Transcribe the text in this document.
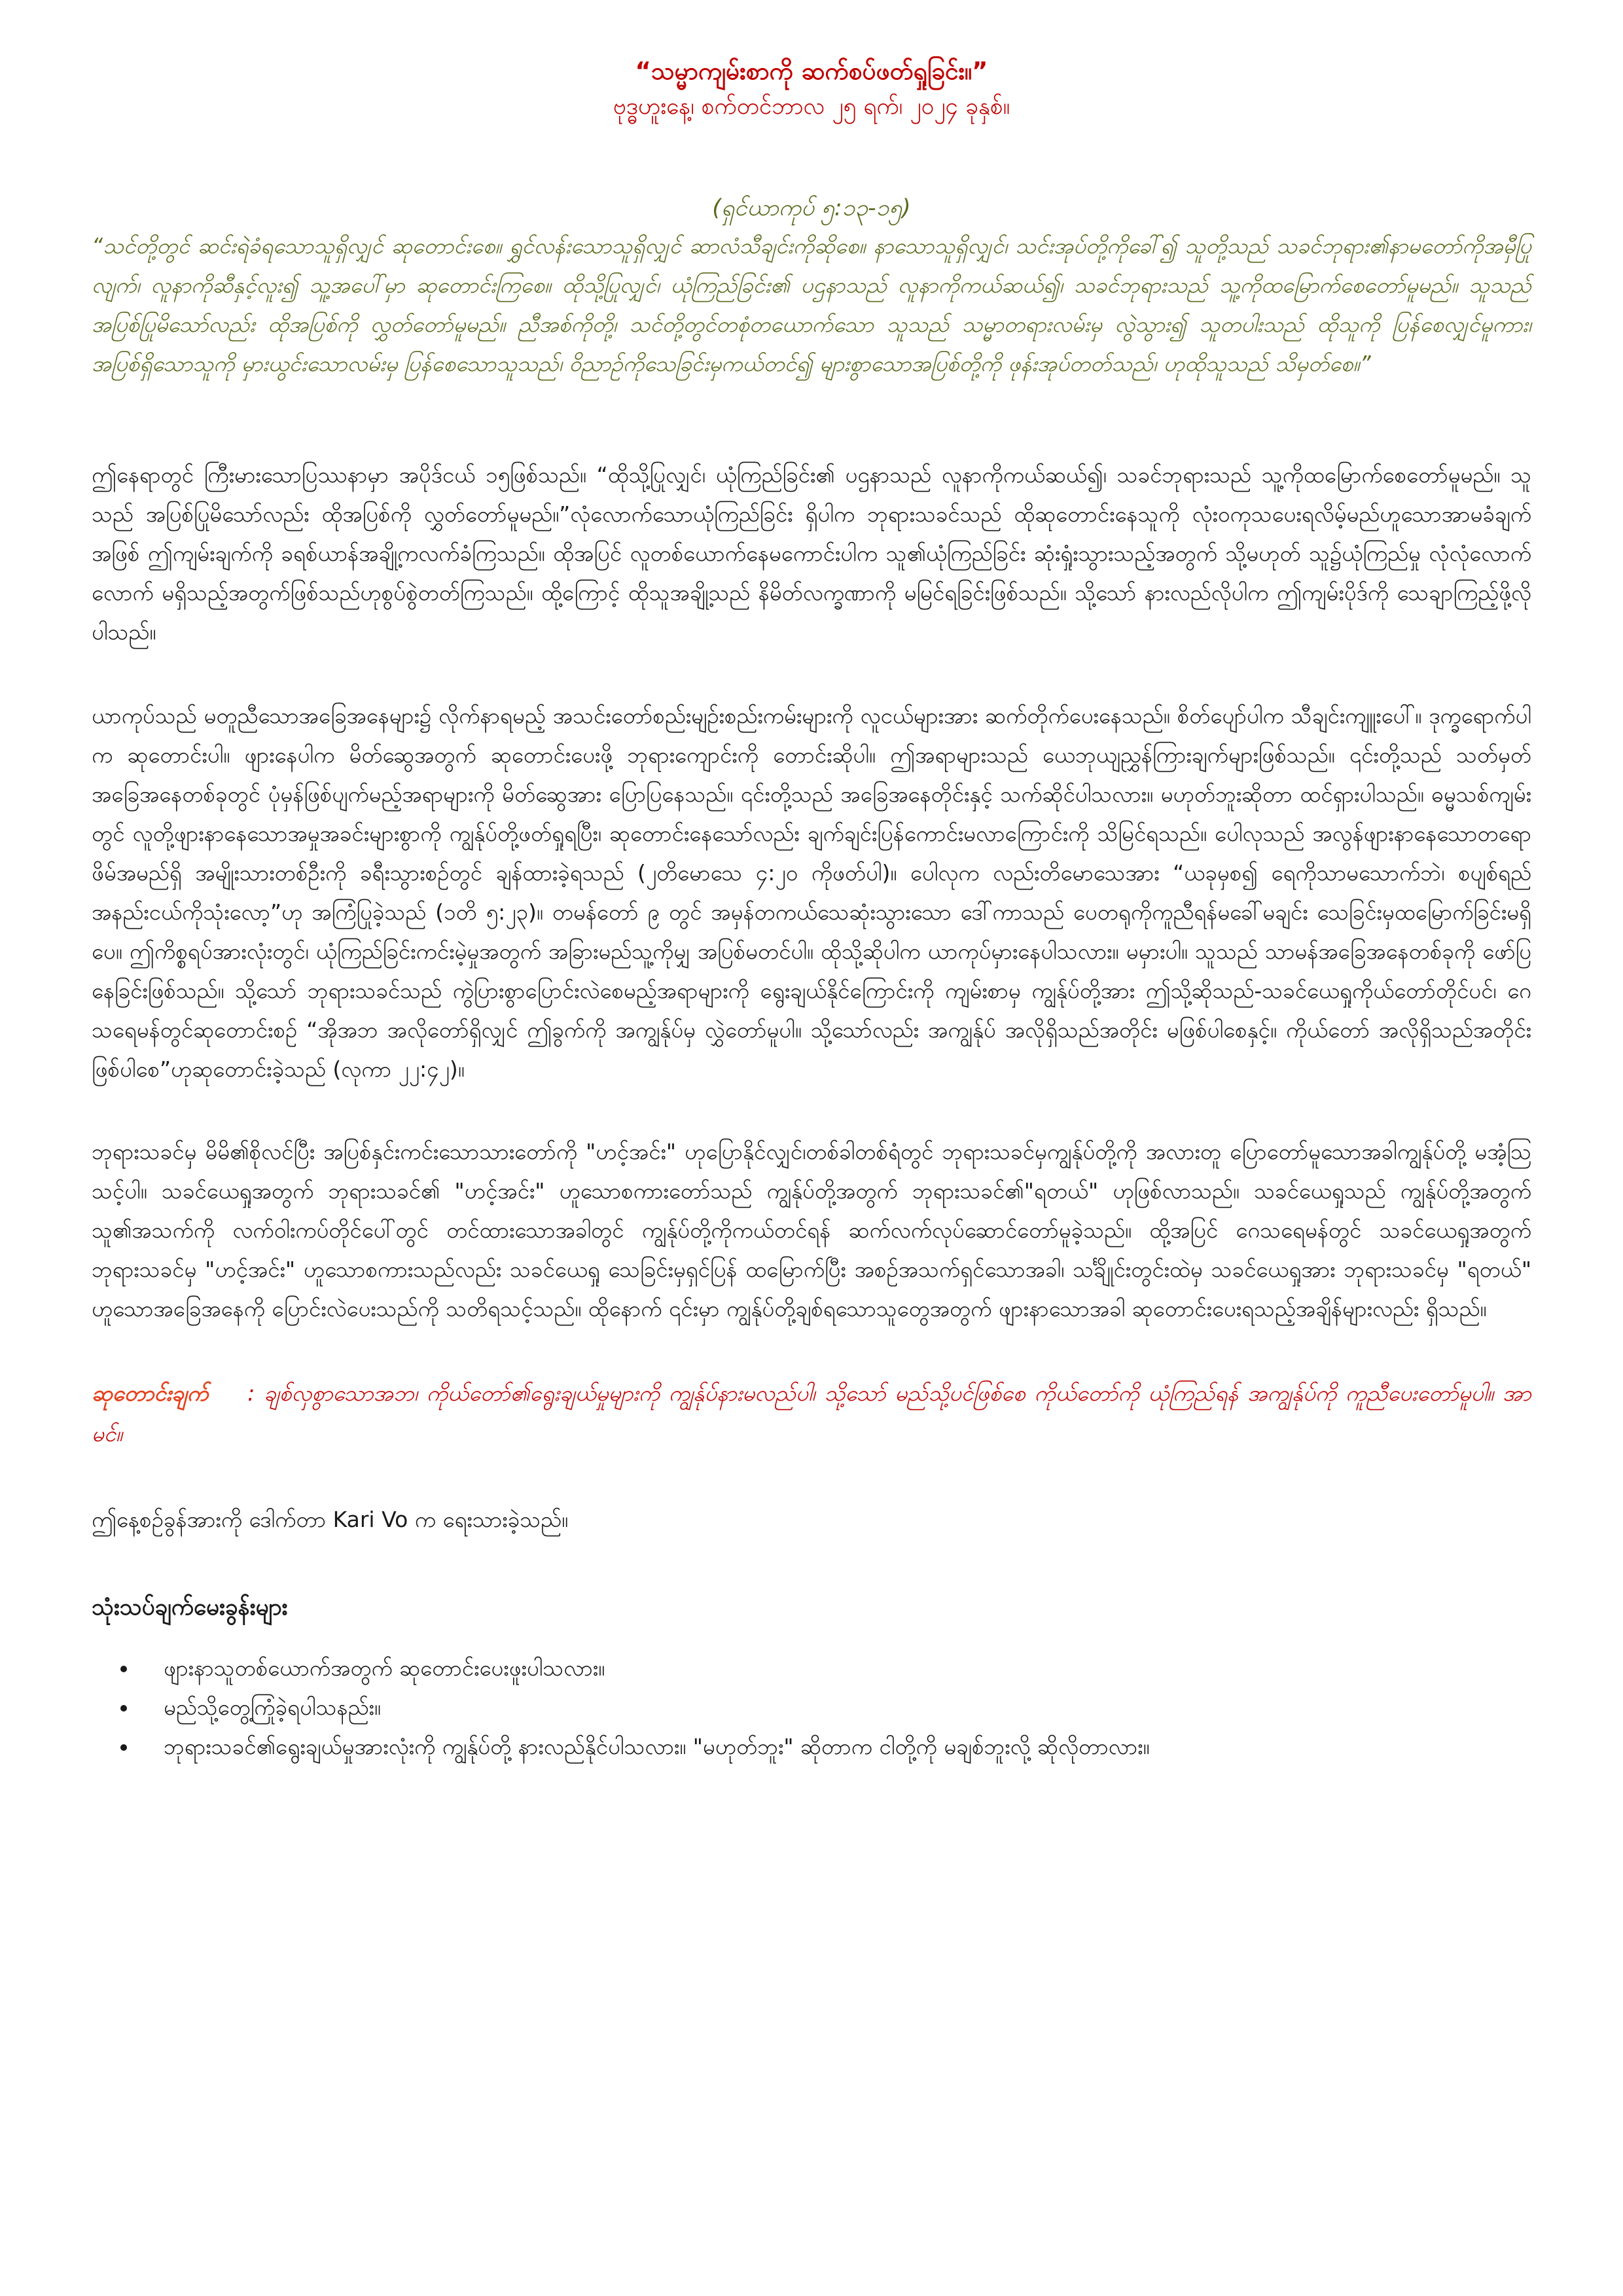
“သမ္မာကျမ်းစာကို ဆက်စပ်ဖတ်ရှုခြင်း။”

ဗုဒ္ဓဟူးနေ့၊ စက်တင်ဘာလ ၂၅ ရက်၊ ၂၀၂၄ ခုနှစ်။

(ရှင်ယာကုပ် ၅:၁၃-၁၅)

“သင်တို့တွင် ဆင်းရဲခံရသောသူရှိလျှင် ဆုတောင်းစေ။ ရွှင်လန်းသောသူရှိလျှင် ဆာလံသီချင်းကိုဆိုစေ။ နာသောသူရှိလျှင်၊ သင်းအုပ်တို့ကိုခေါ်၍ သူတို့သည် သခင်ဘုရား၏နာမတော်ကိုအမှီပြုလျက်၊ လူနာကိုဆီနှင့်လူး၍ သူ့အပေါ်မှာ ဆုတောင်းကြစေ။ ထိုသို့ပြုလျှင်၊ ယုံကြည်ခြင်း၏ ပဌနာသည် လူနာကိုကယ်ဆယ်၍၊ သခင်ဘုရားသည် သူ့ကိုထမြောက်စေတော်မူမည်။ သူသည် အပြစ်ပြုမိသော်လည်း ထိုအပြစ်ကို လွှတ်တော်မူမည်။ ညီအစ်ကိုတို့၊ သင်တို့တွင်တစုံတယောက်သော သူသည် သမ္မာတရားလမ်းမှ လွဲသွား၍ သူတပါးသည် ထိုသူကို ပြန်စေလျှင်မူကား၊ အပြစ်ရှိသောသူကို မှားယွင်းသောလမ်းမှ ပြန်စေသောသူသည်၊ ဝိညာဉ်ကိုသေခြင်းမှကယ်တင်၍ များစွာသောအပြစ်တို့ကို ဖုန်းအုပ်တတ်သည်၊ ဟုထိုသူသည် သိမှတ်စေ။”

ဤနေရာတွင် ကြီးမားသောပြဿနာမှာ အပိုဒ်ငယ် ၁၅ဖြစ်သည်။ “ထိုသို့ပြုလျှင်၊ ယုံကြည်ခြင်း၏ ပဌနာသည် လူနာကိုကယ်ဆယ်၍၊ သခင်ဘုရားသည် သူ့ကိုထမြောက်စေတော်မူမည်။ သူသည် အပြစ်ပြုမိသော်လည်း ထိုအပြစ်ကို လွှတ်တော်မူမည်။”လုံလောက်သောယုံကြည်ခြင်း ရှိပါက ဘုရားသခင်သည် ထိုဆုတောင်းနေသူကို လုံးဝကုသပေးရလိမ့်မည်ဟူသောအာမခံချက်အဖြစ် ဤကျမ်းချက်ကို ခရစ်ယာန်အချို့ကလက်ခံကြသည်။ ထိုအပြင် လူတစ်ယောက်နေမကောင်းပါက သူ၏ယုံကြည်ခြင်း ဆုံးရှုံးသွားသည့်အတွက် သို့မဟုတ် သူ၌ယုံကြည်မှု လုံလုံလောက်လောက် မရှိသည့်အတွက်ဖြစ်သည်ဟုစွပ်စွဲတတ်ကြသည်။ ထို့ကြောင့် ထိုသူအချို့သည် နိမိတ်လက္ခဏာကို မမြင်ရခြင်းဖြစ်သည်။ သို့သော် နားလည်လိုပါက ဤကျမ်းပိုဒ်ကို သေချာကြည့်ဖို့လိုပါသည်။

ယာကုပ်သည် မတူညီသောအခြေအနေများ၌ လိုက်နာရမည့် အသင်းတော်စည်းမျဉ်းစည်းကမ်းများကို လူငယ်များအား ဆက်တိုက်ပေးနေသည်။ စိတ်ပျော်ပါက သီချင်းကျူးပေါ်။ ဒုက္ခရောက်ပါက ဆုတောင်းပါ။ ဖျားနေပါက မိတ်ဆွေအတွက် ဆုတောင်းပေးဖို့ ဘုရားကျောင်းကို တောင်းဆိုပါ။ ဤအရာများသည် ယေဘုယျညွှန်ကြားချက်များဖြစ်သည်။ ၎င်းတို့သည် သတ်မှတ်အခြေအနေတစ်ခုတွင် ပုံမှန်ဖြစ်ပျက်မည့်အရာများကို မိတ်ဆွေအား ပြောပြနေသည်။ ၎င်းတို့သည် အခြေအနေတိုင်းနှင့် သက်ဆိုင်ပါသလား။ မဟုတ်ဘူးဆိုတာ ထင်ရှားပါသည်။ ဓမ္မသစ်ကျမ်းတွင် လူတို့ဖျားနာနေသောအမှုအခင်းများစွာကို ကျွန်ုပ်တို့ဖတ်ရှုရပြီး၊ ဆုတောင်းနေသော်လည်း ချက်ချင်းပြန်ကောင်းမလာကြောင်းကို သိမြင်ရသည်။ ပေါလုသည် အလွန်ဖျားနာနေသောတရောဖိမ်အမည်ရှိ အမျိုးသားတစ်ဦးကို ခရီးသွားစဉ်တွင် ချန်ထားခဲ့ရသည် (၂တိမောသေ ၄:၂၀ ကိုဖတ်ပါ)။ ပေါလုက လည်းတိမောသေအား “ယခုမှစ၍ ရေကိုသာမသောက်ဘဲ၊ စပျစ်ရည်အနည်းငယ်ကိုသုံးလော့”ဟု အကြံပြုခဲ့သည် (၁တိ ၅:၂၃)။ တမန်တော် ၉ တွင် အမှန်တကယ်သေဆုံးသွားသော ဒေါ်ကာသည် ပေတရုကိုကူညီရန်မခေါ်မချင်း သေခြင်းမှထမြောက်ခြင်းမရှိပေ။ ဤကိစ္စရပ်အားလုံးတွင်၊ ယုံကြည်ခြင်းကင်းမဲ့မှုအတွက် အခြားမည်သူ့ကိုမျှ အပြစ်မတင်ပါ။ ထိုသို့ဆိုပါက ယာကုပ်မှားနေပါသလား။ မမှားပါ။ သူသည် သာမန်အခြေအနေတစ်ခုကို ဖော်ပြနေခြင်းဖြစ်သည်။ သို့သော် ဘုရားသခင်သည် ကွဲပြားစွာပြောင်းလဲစေမည့်အရာများကို ရွေးချယ်နိုင်ကြောင်းကို ကျမ်းစာမှ ကျွန်ုပ်တို့အား ဤသို့ဆိုသည်-သခင်ယေရှုကိုယ်တော်တိုင်ပင်၊ ဂေသရေမန်တွင်ဆုတောင်းစဉ် “အိုအဘ အလိုတော်ရှိလျှင် ဤခွက်ကို အကျွန်ုပ်မှ လွှဲတော်မူပါ။ သို့သော်လည်း အကျွန်ုပ် အလိုရှိသည်အတိုင်း မဖြစ်ပါစေနှင့်။ ကိုယ်တော် အလိုရှိသည်အတိုင်း ဖြစ်ပါစေ”ဟုဆုတောင်းခဲ့သည် (လုကာ ၂၂:၄၂)။

ဘုရားသခင်မှ မိမိ၏စိုလင်ပြီး အပြစ်နှင်းကင်းသောသားတော်ကို "ဟင့်အင်း" ဟုပြောနိုင်လျှင်၊တစ်ခါတစ်ရံတွင် ဘုရားသခင်မှကျွန်ုပ်တို့ကို အလားတူ ပြောတော်မူသောအခါကျွန်ုပ်တို့ မအံ့သြသင့်ပါ။ သခင်ယေရှုအတွက် ဘုရားသခင်၏ "ဟင့်အင်း" ဟူသောစကားတော်သည် ကျွန်ုပ်တို့အတွက် ဘုရားသခင်၏"ရတယ်" ဟုဖြစ်လာသည်။ သခင်ယေရှုသည် ကျွန်ုပ်တို့အတွက်သူ၏အသက်ကို လက်ဝါးကပ်တိုင်ပေါ်တွင် တင်ထားသောအခါတွင် ကျွန်ုပ်တို့ကိုကယ်တင်ရန် ဆက်လက်လုပ်ဆောင်တော်မူခဲ့သည်။ ထို့အပြင် ဂေသရေမန်တွင် သခင်ယေရှုအတွက် ဘုရားသခင်မှ "ဟင့်အင်း" ဟူသောစကားသည်လည်း သခင်ယေရှု သေခြင်းမှရှင်ပြန် ထမြောက်ပြီး အစဉ်အသက်ရှင်သောအခါ၊ သင်္ချိုင်းတွင်းထဲမှ သခင်ယေရှုအား ဘုရားသခင်မှ "ရတယ်" ဟူသောအခြေအနေကို ပြောင်းလဲပေးသည်ကို သတိရသင့်သည်။ ထိုနောက် ၎င်းမှာ ကျွန်ုပ်တို့ချစ်ရသောသူတွေအတွက် ဖျားနာသောအခါ ဆုတောင်းပေးရသည့်အချိန်များလည်း ရှိသည်။

ဆုတောင်းချက် : ချစ်လှစွာသောအဘ၊ ကိုယ်တော်၏ရွေးချယ်မှုများကို ကျွန်ုပ်နားမလည်ပါ၊ သို့သော် မည်သို့ပင်ဖြစ်စေ ကိုယ်တော်ကို ယုံကြည်ရန် အကျွန်ုပ်ကို ကူညီပေးတော်မူပါ။ အာမင်။

ဤနေ့စဉ်ခွန်အားကို ဒေါက်တာ Kari Vo က ရေးသားခဲ့သည်။

သုံးသပ်ချက်မေးခွန်းများ

ဖျားနာသူတစ်ယောက်အတွက် ဆုတောင်းပေးဖူးပါသလား။
မည်သို့တွေ့ကြုံခဲ့ရပါသနည်း။
ဘုရားသခင်၏ရွေးချယ်မှုအားလုံးကို ကျွန်ုပ်တို့ နားလည်နိုင်ပါသလား။ "မဟုတ်ဘူး" ဆိုတာက ငါတို့ကို မချစ်ဘူးလို့ ဆိုလိုတာလား။
